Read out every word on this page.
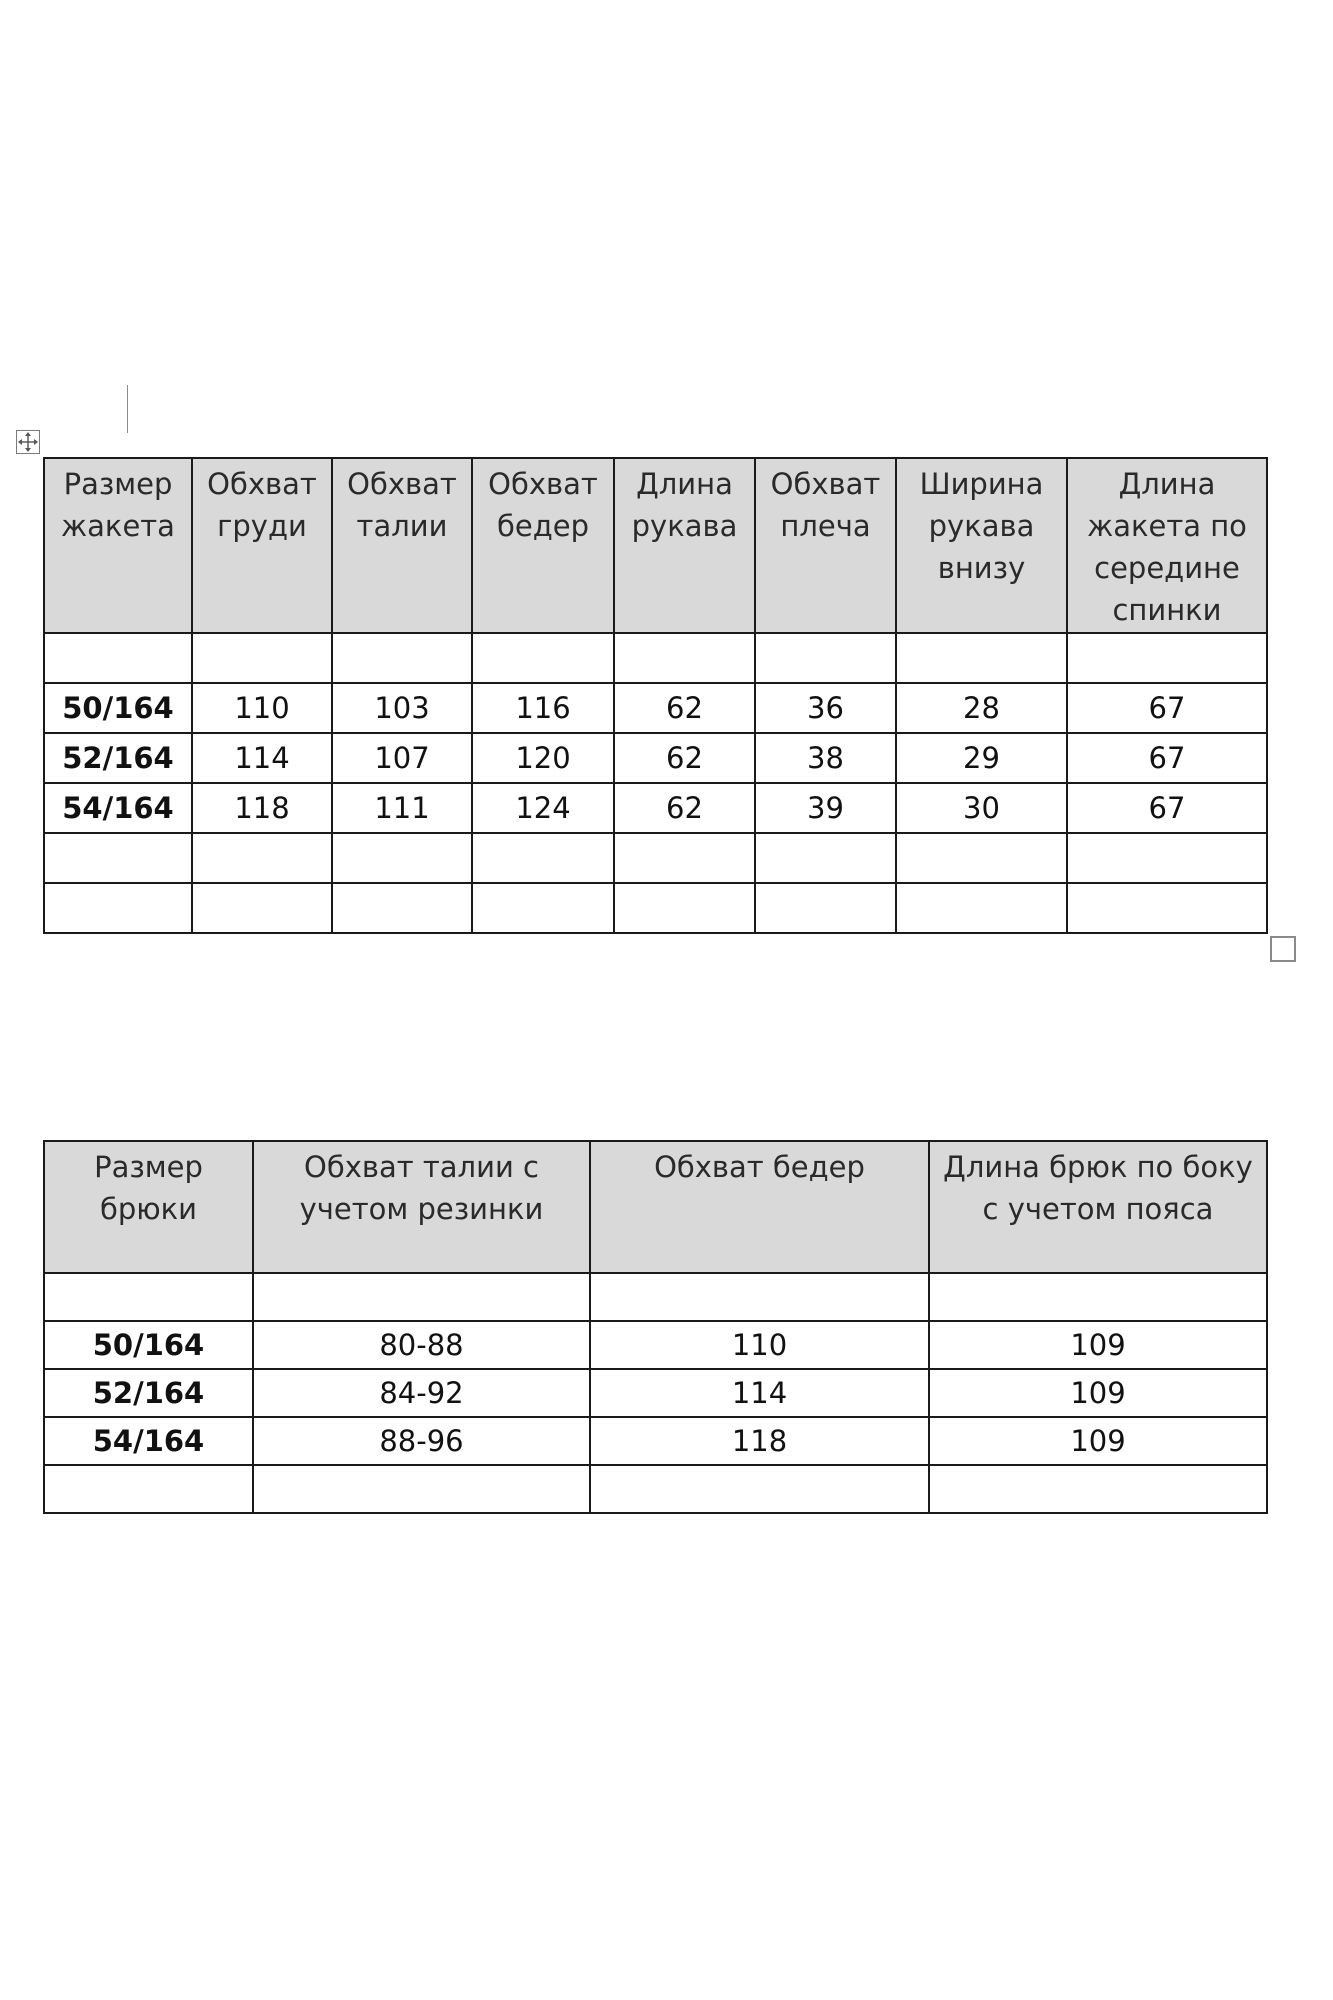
Размер жакета	Обхват груди	Обхват талии	Обхват бедер	Длина рукава	Обхват плеча	Ширина рукава внизу	Длина жакета по середине спинки

50/164	110	103	116	62	36	28	67
52/164	114	107	120	62	38	29	67
54/164	118	111	124	62	39	30	67

Размер брюки	Обхват талии с учетом резинки	Обхват бедер	Длина брюк по боку с учетом пояса

50/164	80-88	110	109
52/164	84-92	114	109
54/164	88-96	118	109
